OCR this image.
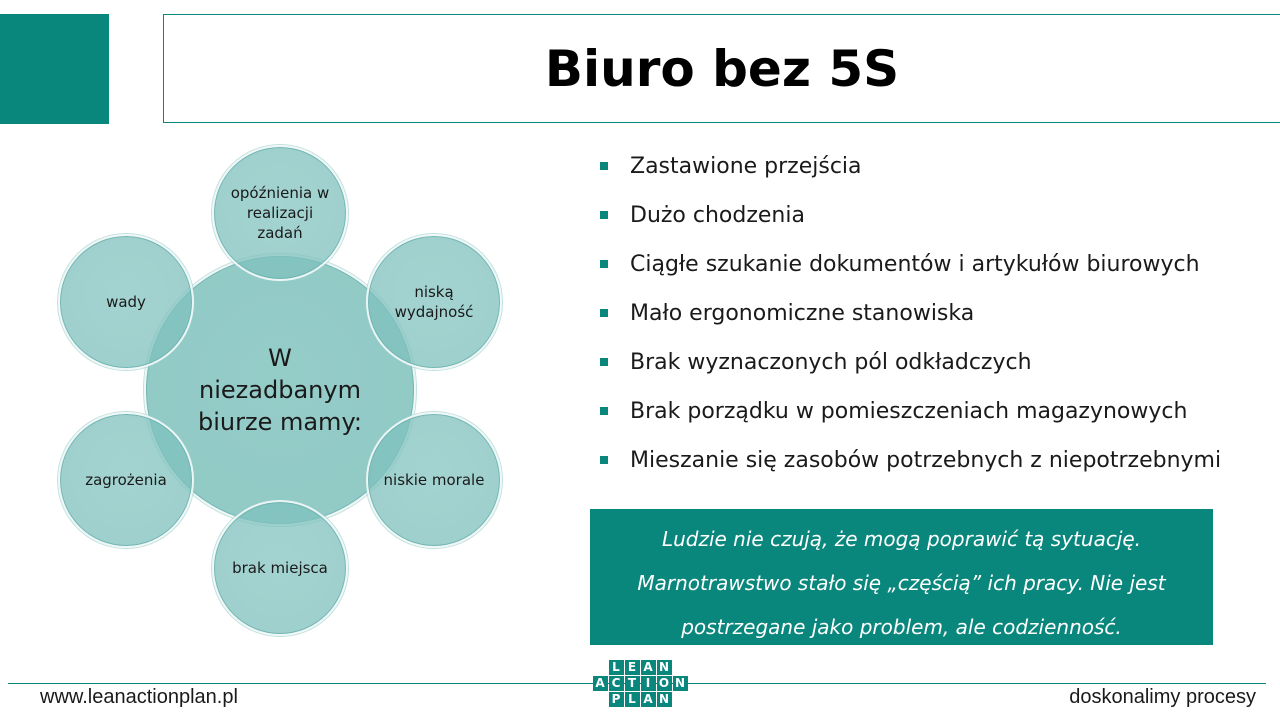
Biuro bez 5S
W niezadbanym biurze mamy:
opóźnienia w realizacji zadań
wady
niską wydajność
zagrożenia	niskie morale
brak miejsca
Zastawione przejścia
Dużo chodzenia
Ciągłe szukanie dokumentów i artykułów biurowych
Mało ergonomiczne stanowiska
Brak wyznaczonych pól odkładczych
Brak porządku w pomieszczeniach magazynowych
Mieszanie się zasobów potrzebnych z niepotrzebnymi
Ludzie nie czują, że mogą poprawić tą sytuację. Marnotrawstwo stało się „częścią” ich pracy. Nie jest postrzegane jako problem, ale codzienność.
www.leanactionplan.pl
L E A N
A C T I O N
P L A N	doskonalimy procesy
